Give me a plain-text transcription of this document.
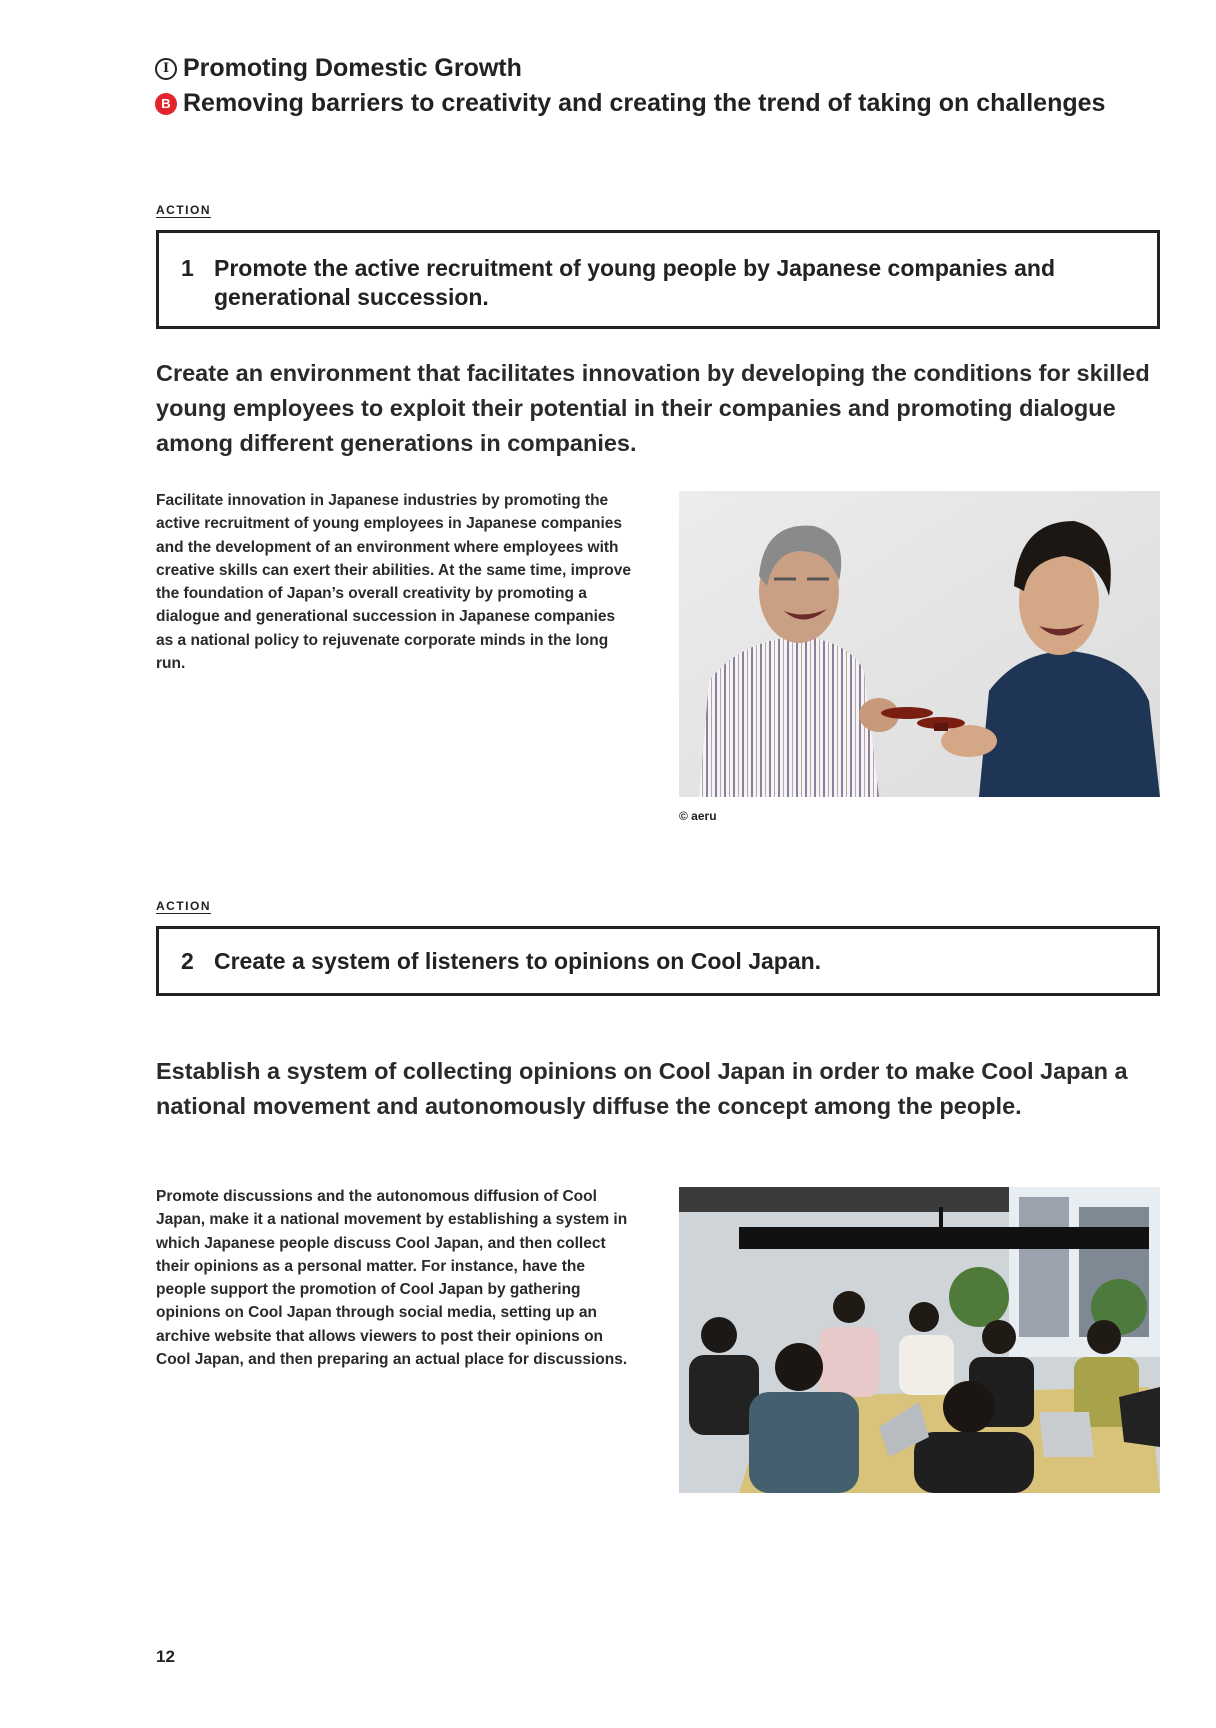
I Promoting Domestic Growth
B Removing barriers to creativity and creating the trend of taking on challenges
ACTION
1 Promote the active recruitment of young people by Japanese companies and generational succession.
Create an environment that facilitates innovation by developing the conditions for skilled young employees to exploit their potential in their companies and promoting dialogue among different generations in companies.
Facilitate innovation in Japanese industries by promoting the active recruitment of young employees in Japanese companies and the development of an environment where employees with creative skills can exert their abilities. At the same time, improve the foundation of Japan’s overall creativity by promoting a dialogue and generational succession in Japanese companies as a national policy to rejuvenate corporate minds in the long run.
© aeru
ACTION
2 Create a system of listeners to opinions on Cool Japan.
Establish a system of collecting opinions on Cool Japan in order to make Cool Japan a national movement and autonomously diffuse the concept among the people.
Promote discussions and the autonomous diffusion of Cool Japan, make it a national movement by establishing a system in which Japanese people discuss Cool Japan, and then collect their opinions as a personal matter. For instance, have the people support the promotion of Cool Japan by gathering opinions on Cool Japan through social media, setting up an archive website that allows viewers to post their opinions on Cool Japan, and then preparing an actual place for discussions.
12
